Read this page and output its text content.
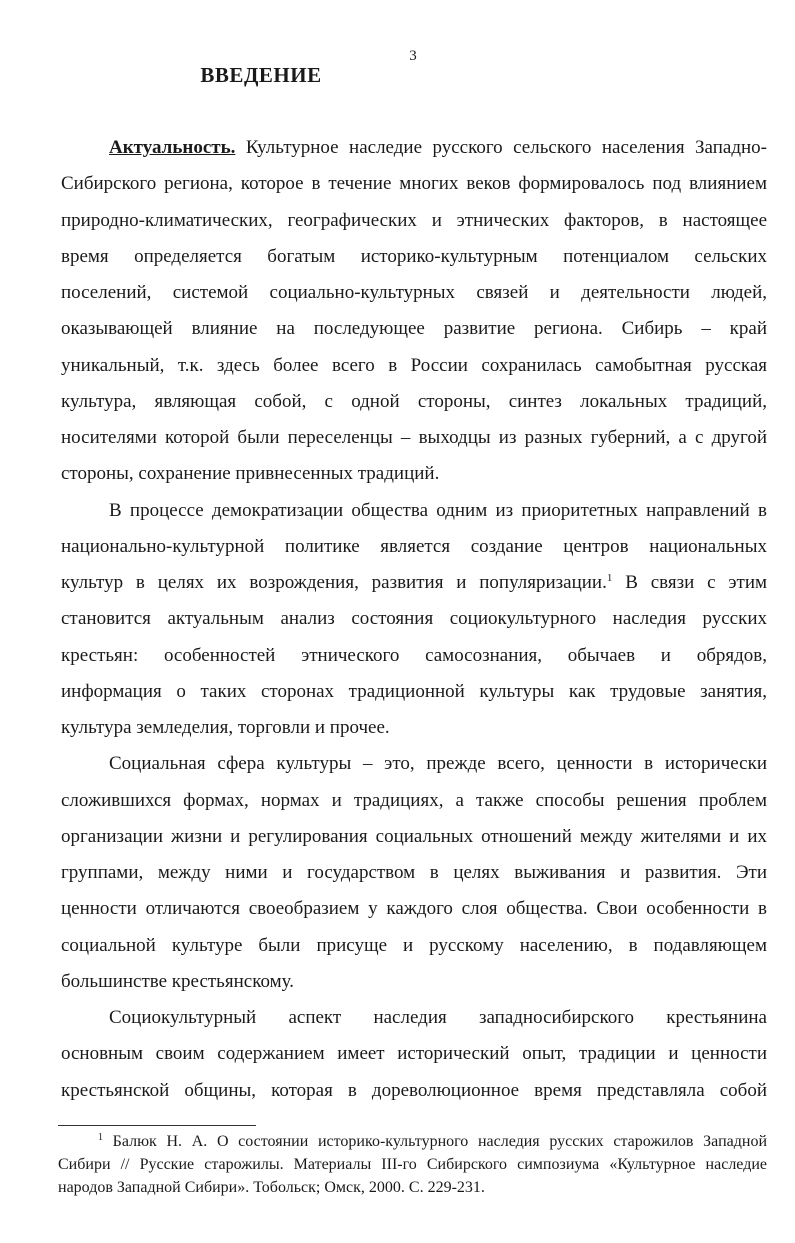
3
ВВЕДЕНИЕ
Актуальность. Культурное наследие русского сельского населения Западно-
Сибирского региона, которое в течение многих веков формировалось под влиянием
природно-климатических, географических и этнических факторов, в настоящее
время определяется богатым историко-культурным потенциалом сельских
поселений, системой социально-культурных связей и деятельности людей,
оказывающей влияние на последующее развитие региона. Сибирь – край
уникальный, т.к. здесь более всего в России сохранилась самобытная русская
культура, являющая собой, с одной стороны, синтез локальных традиций,
носителями которой были переселенцы – выходцы из разных губерний, а с другой
стороны, сохранение привнесенных традиций.
В процессе демократизации общества одним из приоритетных направлений в
национально-культурной политике является создание центров национальных
культур в целях их возрождения, развития и популяризации.$^1$ В связи с этим
становится актуальным анализ состояния социокультурного наследия русских
крестьян: особенностей этнического самосознания, обычаев и обрядов,
информация о таких сторонах традиционной культуры как трудовые занятия,
культура земледелия, торговли и прочее.
Социальная сфера культуры – это, прежде всего, ценности в исторически
сложившихся формах, нормах и традициях, а также способы решения проблем
организации жизни и регулирования социальных отношений между жителями и их
группами, между ними и государством в целях выживания и развития. Эти
ценности отличаются своеобразием у каждого слоя общества. Свои особенности в
социальной культуре были присуще и русскому населению, в подавляющем
большинстве крестьянскому.
Социокультурный аспект наследия западносибирского крестьянина
основным своим содержанием имеет исторический опыт, традиции и ценности
крестьянской общины, которая в дореволюционное время представляла собой
$^1$ Балюк Н. А. О состоянии историко-культурного наследия русских старожилов Западной
Сибири // Русские старожилы. Материалы III-го Сибирского симпозиума «Культурное наследие
народов Западной Сибири». Тобольск; Омск, 2000. С. 229-231.
